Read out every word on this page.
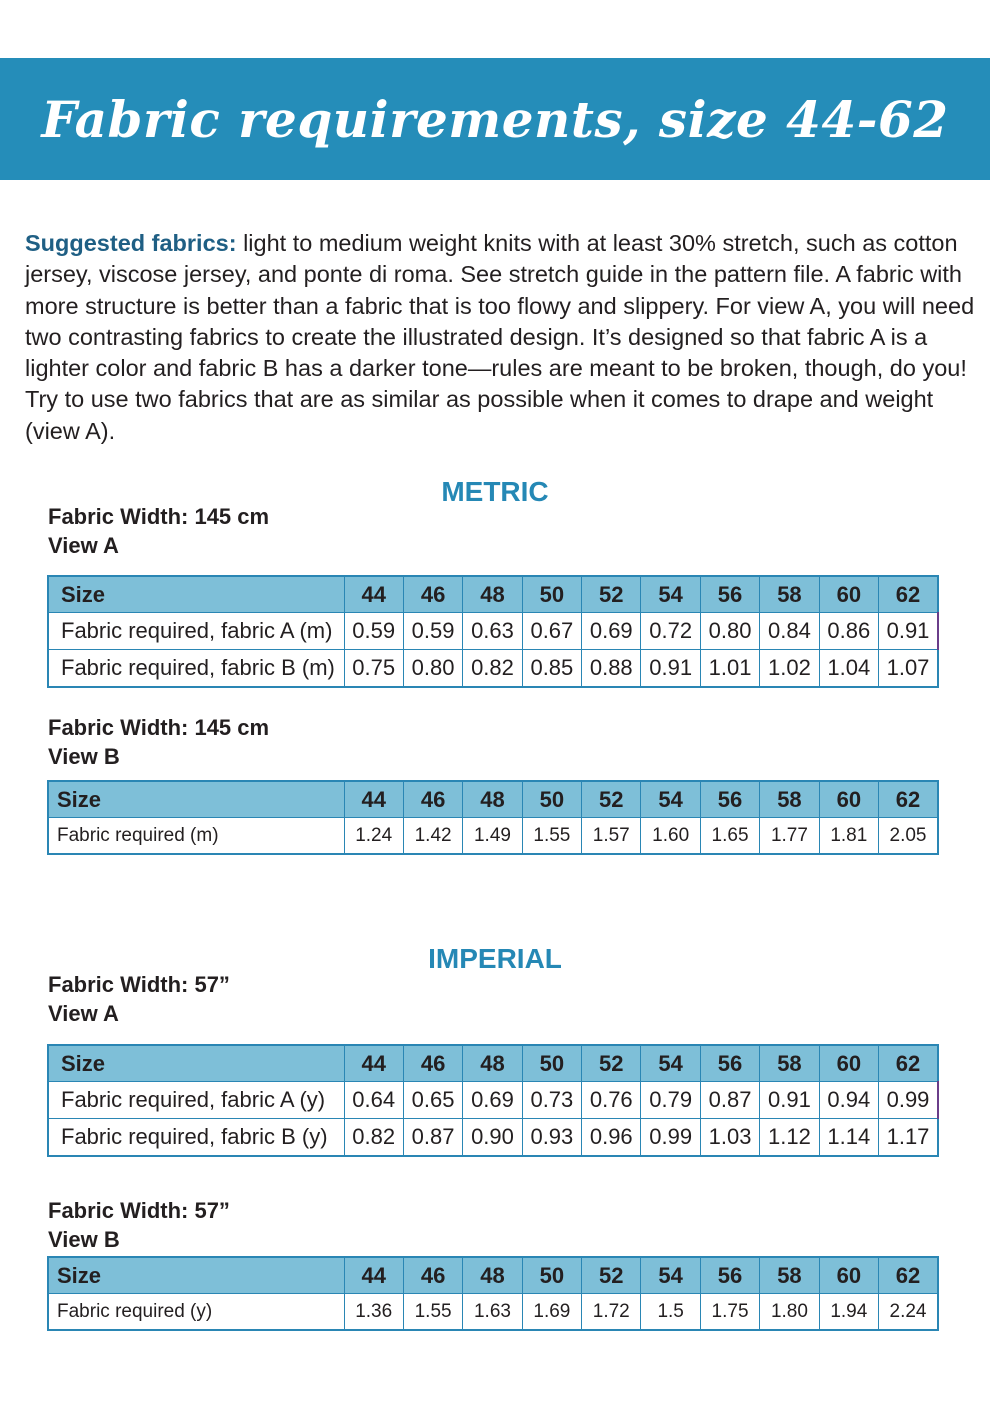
Fabric requirements, size 44-62

Suggested fabrics: light to medium weight knits with at least 30% stretch, such as cotton jersey, viscose jersey, and ponte di roma. See stretch guide in the pattern file. A fabric with more structure is better than a fabric that is too flowy and slippery. For view A, you will need two contrasting fabrics to create the illustrated design. It’s designed so that fabric A is a lighter color and fabric B has a darker tone—rules are meant to be broken, though, do you!
Try to use two fabrics that are as similar as possible when it comes to drape and weight (view A).

METRIC
Fabric Width: 145 cm
View A
Size	44	46	48	50	52	54	56	58	60	62
Fabric required, fabric A (m)	0.59	0.59	0.63	0.67	0.69	0.72	0.80	0.84	0.86	0.91
Fabric required, fabric B (m)	0.75	0.80	0.82	0.85	0.88	0.91	1.01	1.02	1.04	1.07
Fabric Width: 145 cm
View B
Size	44	46	48	50	52	54	56	58	60	62
Fabric required (m)	1.24	1.42	1.49	1.55	1.57	1.60	1.65	1.77	1.81	2.05
IMPERIAL
Fabric Width: 57”
View A
Size	44	46	48	50	52	54	56	58	60	62
Fabric required, fabric A (y)	0.64	0.65	0.69	0.73	0.76	0.79	0.87	0.91	0.94	0.99
Fabric required, fabric B (y)	0.82	0.87	0.90	0.93	0.96	0.99	1.03	1.12	1.14	1.17
Fabric Width: 57”
View B
Size	44	46	48	50	52	54	56	58	60	62
Fabric required (y)	1.36	1.55	1.63	1.69	1.72	1.5	1.75	1.80	1.94	2.24
